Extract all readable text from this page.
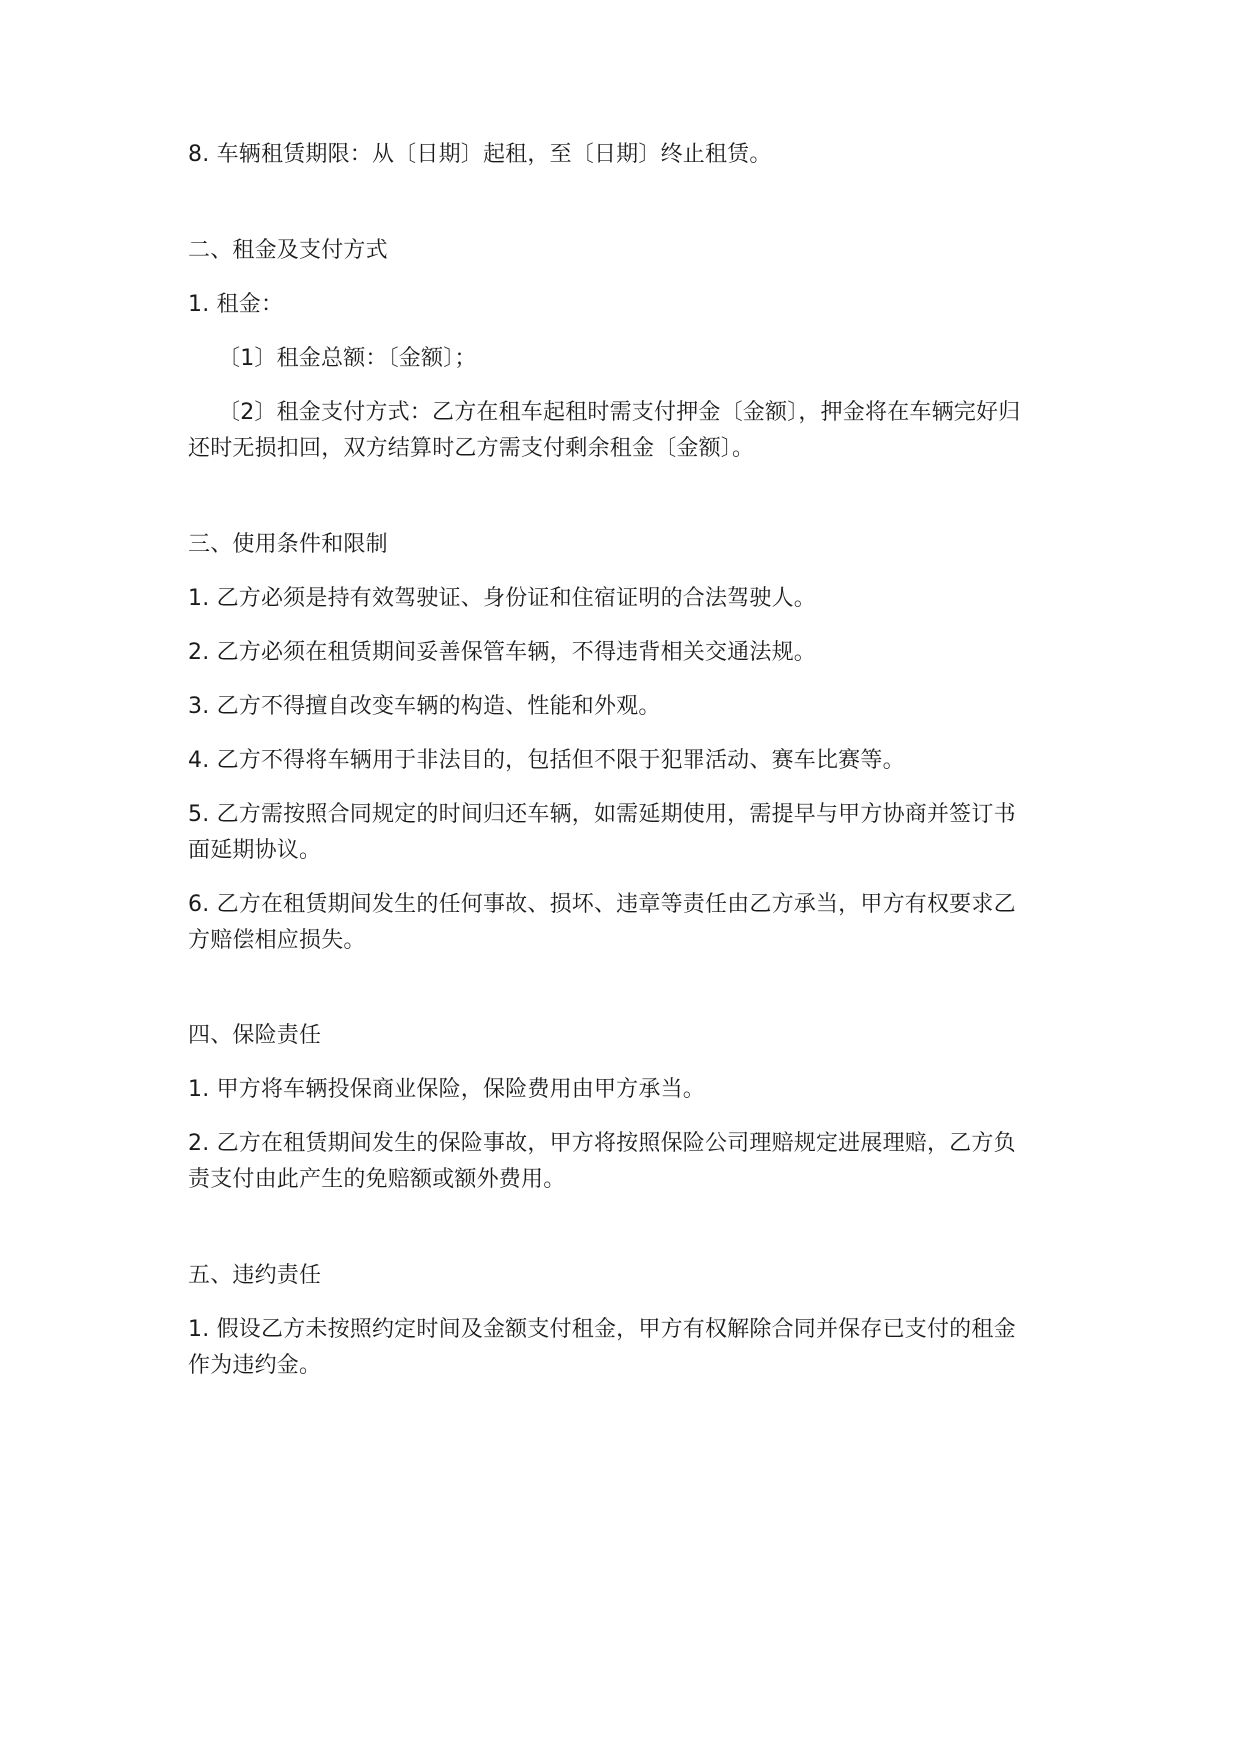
8. 车辆租赁期限：从〔日期〕起租，至〔日期〕终止租赁。
二、租金及支付方式
1. 租金：
〔1〕租金总额：〔金额〕；
〔2〕租金支付方式：乙方在租车起租时需支付押金〔金额〕，押金将在车辆完好归
还时无损扣回，双方结算时乙方需支付剩余租金〔金额〕。
三、使用条件和限制
1. 乙方必须是持有效驾驶证、身份证和住宿证明的合法驾驶人。
2. 乙方必须在租赁期间妥善保管车辆，不得违背相关交通法规。
3. 乙方不得擅自改变车辆的构造、性能和外观。
4. 乙方不得将车辆用于非法目的，包括但不限于犯罪活动、赛车比赛等。
5. 乙方需按照合同规定的时间归还车辆，如需延期使用，需提早与甲方协商并签订书
面延期协议。
6. 乙方在租赁期间发生的任何事故、损坏、违章等责任由乙方承当，甲方有权要求乙
方赔偿相应损失。
四、保险责任
1. 甲方将车辆投保商业保险，保险费用由甲方承当。
2. 乙方在租赁期间发生的保险事故，甲方将按照保险公司理赔规定进展理赔，乙方负
责支付由此产生的免赔额或额外费用。
五、违约责任
1. 假设乙方未按照约定时间及金额支付租金，甲方有权解除合同并保存已支付的租金
作为违约金。
